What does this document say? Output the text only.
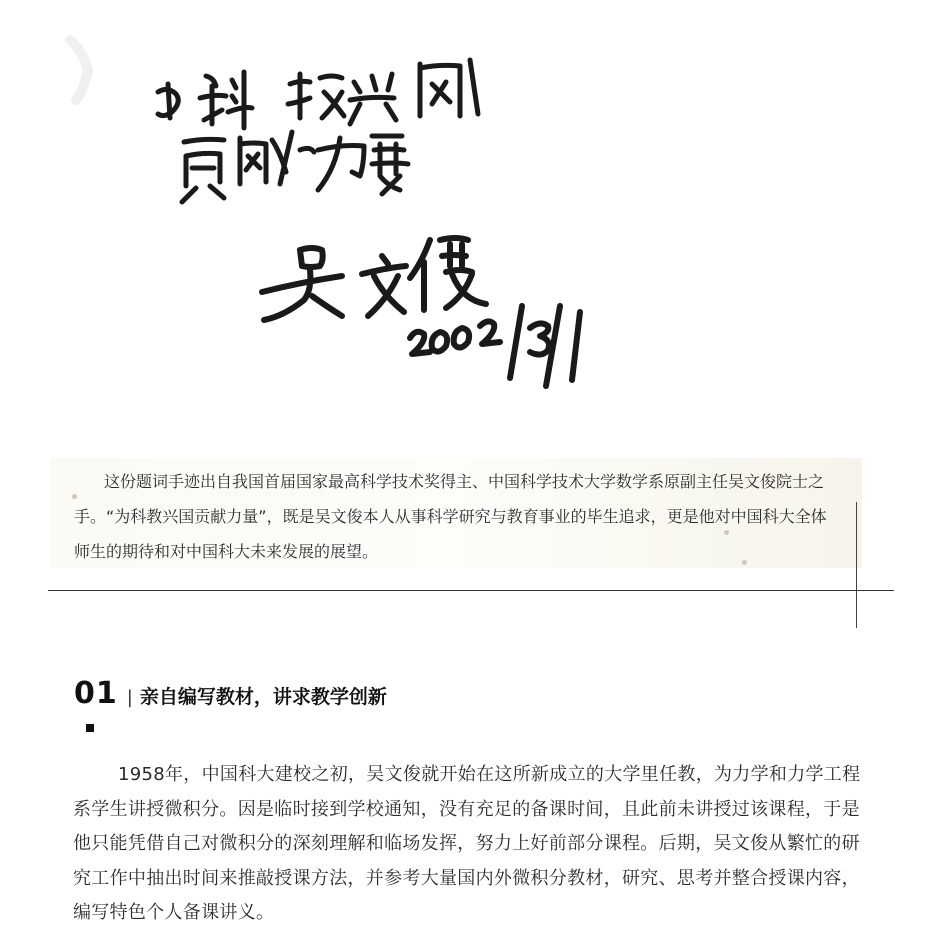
这份题词手迹出自我国首届国家最高科学技术奖得主、中国科学技术大学数学系原副主任吴文俊院士之手。“为科教兴国贡献力量”，既是吴文俊本人从事科学研究与教育事业的毕生追求，更是他对中国科大全体师生的期待和对中国科大未来发展的展望。
01 | 亲自编写教材，讲求教学创新
1958年，中国科大建校之初，吴文俊就开始在这所新成立的大学里任教，为力学和力学工程系学生讲授微积分。因是临时接到学校通知，没有充足的备课时间，且此前未讲授过该课程，于是他只能凭借自己对微积分的深刻理解和临场发挥，努力上好前部分课程。后期，吴文俊从繁忙的研究工作中抽出时间来推敲授课方法，并参考大量国内外微积分教材，研究、思考并整合授课内容，编写特色个人备课讲义。
